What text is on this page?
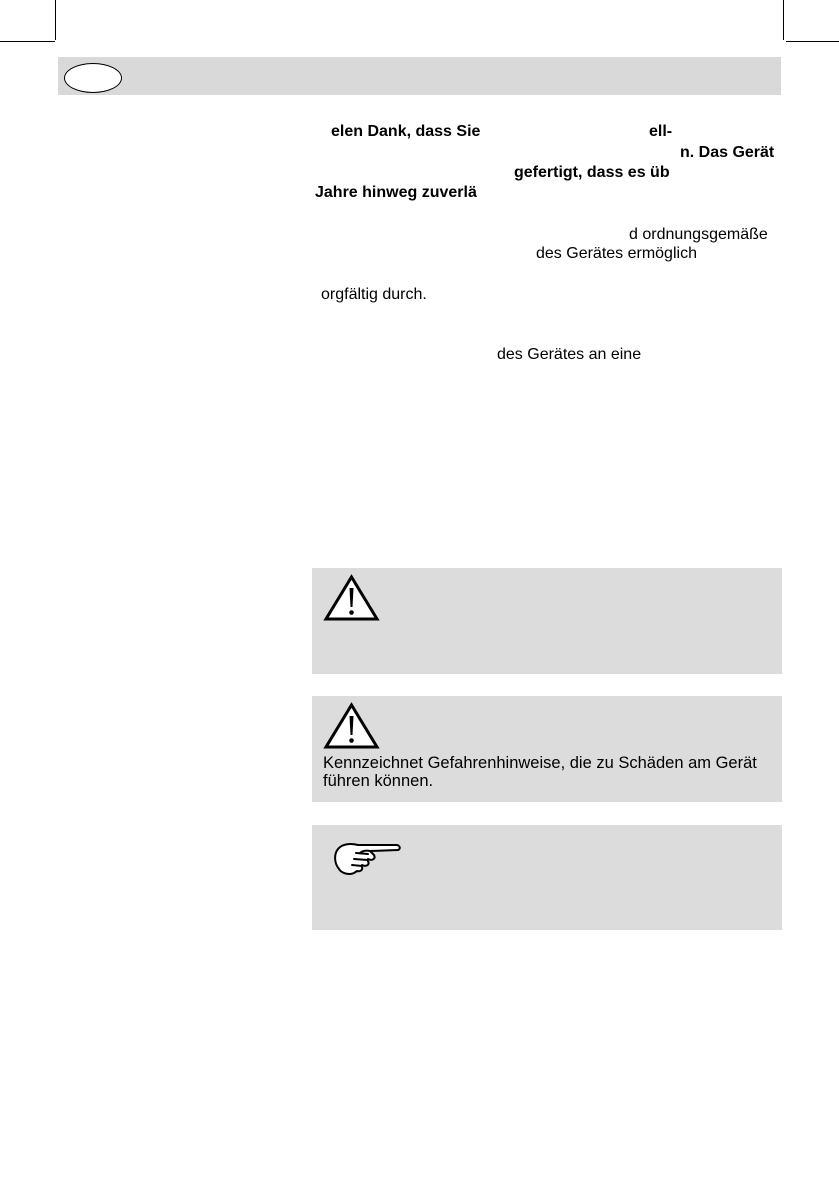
elen Dank, dass Sie	ell-
n. Das Gerät
gefertigt, dass es üb
Jahre hinweg zuverlä
d ordnungsgemäße
des Gerätes ermöglich
orgfältig durch.
des Gerätes an eine
Kennzeichnet Gefahrenhinweise, die zu Schäden am Gerät führen können.
